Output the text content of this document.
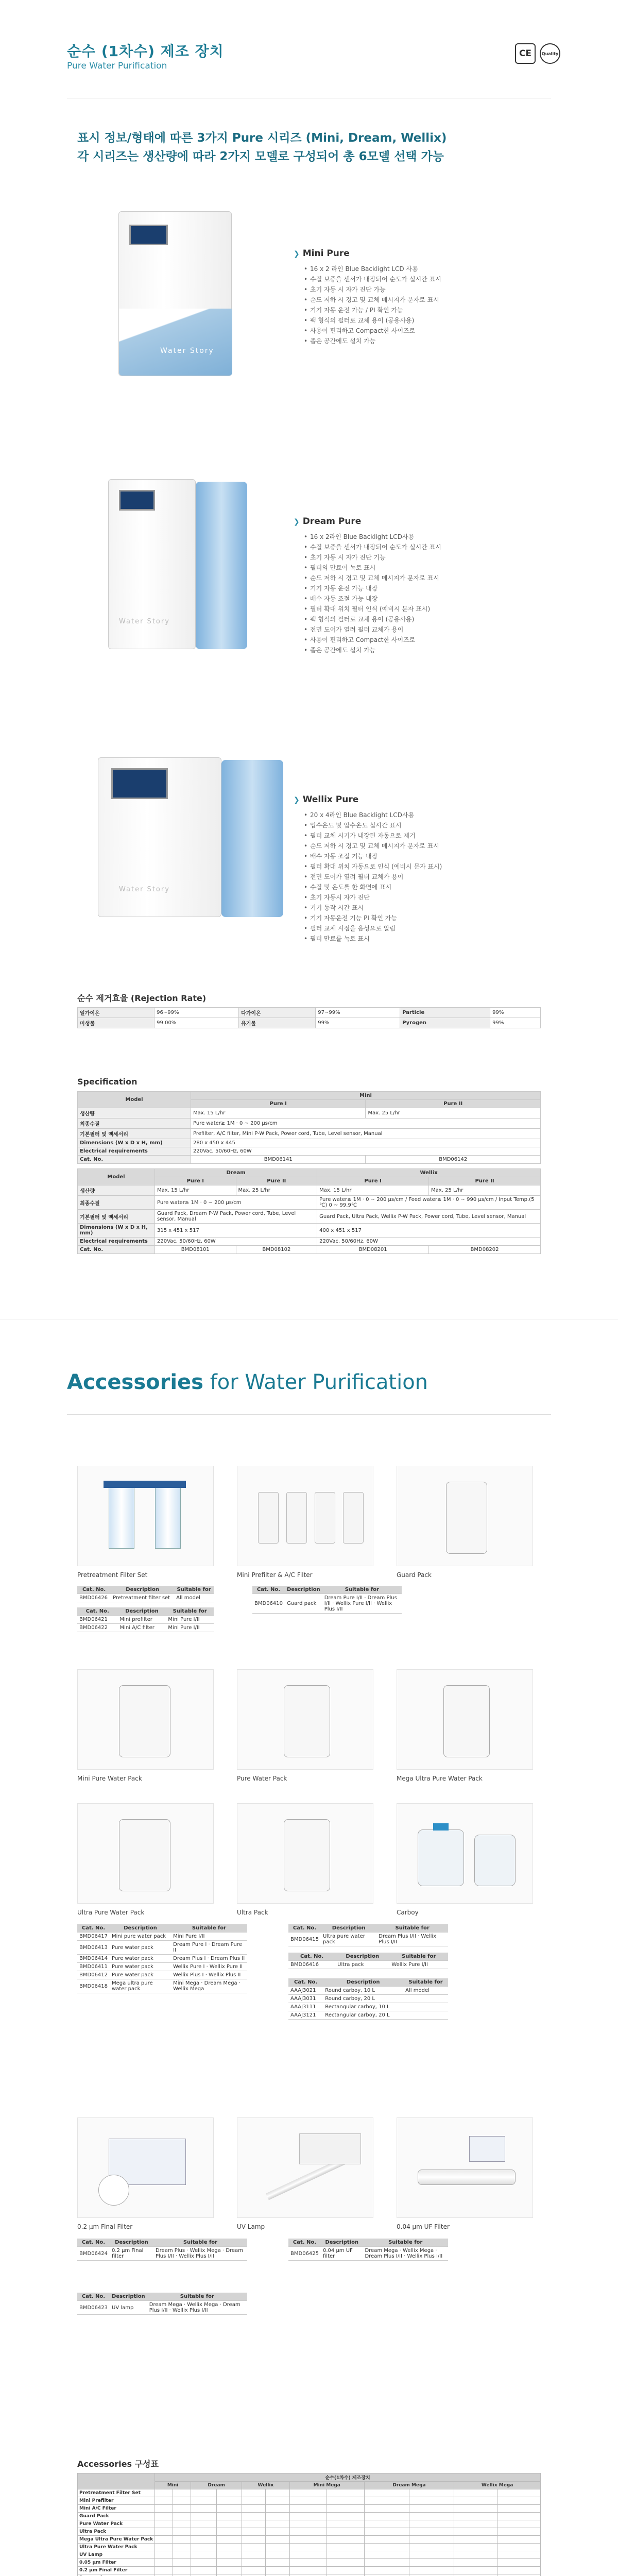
순수 (1차수) 제조 장치
Pure Water Purification
CE	Quality
표시 정보/형태에 따른 3가지 Pure 시리즈 (Mini, Dream, Wellix)
각 시리즈는 생산량에 따라 2가지 모델로 구성되어 총 6모델 선택 가능
Water Story
❯ Mini Pure
• 16 x 2 라인 Blue Backlight LCD 사용
• 수질 보증을 센서가 내장되어 순도가 실시간 표시
• 초기 자동 시 자가 진단 가능
• 순도 저하 시 경고 및 교체 메시지가 문자로 표시
• 기기 자동 운전 가능 / PI 확인 가능
• 팩 형식의 필터로 교체 용이 (공용사용)
• 사용이 편리하고 Compact한 사이즈로
• 좁은 공간에도 설치 가능
Water Story
❯ Dream Pure
• 16 x 2라인 Blue Backlight LCD사용
• 수질 보증을 센서가 내장되어 순도가 실시간 표시
• 초기 자동 시 자가 진단 기능
• 필터의 만료이 녹로 표시
• 순도 저하 시 경고 및 교체 메시지가 문자로 표시
• 기기 자동 운전 가능 내장
• 배수 자동 조절 가능 내장
• 필터 확대 위치 필터 인식 (예비시 문자 표시)
• 팩 형식의 필터로 교체 용이 (공용사용)
• 전면 도어가 열려 필터 교체가 용이
• 사용이 편리하고 Compact한 사이즈로
• 좁은 공간에도 설치 가능
Water Story
❯ Wellix Pure
• 20 x 4라인 Blue Backlight LCD사용
• 입수온도 및 압수온도 실시간 표시
• 필터 교체 시기가 내장된 자동으로 제거
• 순도 저하 시 경고 및 교체 메시지가 문자로 표시
• 배수 자동 조절 기능 내장
• 필터 확대 위치 자동으로 인식 (예비시 문자 표시)
• 전면 도어가 열려 필터 교체가 용이
• 수질 및 온도를 한 화면에 표시
• 초기 자동시 자가 진단
• 기기 동작 시간 표시
• 기기 자동운전 기능 PI 확인 가능
• 필터 교체 시점을 음성으로 알림
• 필터 만료를 녹로 표시
순수 제거효율 (Rejection Rate)
일가이온	96~99%	다가이온	97~99%	Particle	99%
미생물	99.00%	유기물	99%	Pyrogen	99%
Specification
Model	Mini	
	Pure I	Pure II
생산량	Max. 15 L/hr	Max. 25 L/hr
최종수질	Pure water≥ 1M · 0 ~ 200 μs/cm	
기본필터 및 액세서리	Prefilter, A/C filter, Mini P-W Pack, Power cord, Tube, Level sensor, Manual	
Dimensions (W x D x H, mm)	280 x 450 x 445	
Electrical requirements	220Vac, 50/60Hz, 60W	
Cat. No.	BMD06141	BMD06142
Model	Dream		Wellix	
	Pure I	Pure II	Pure I	Pure II
생산량	Max. 15 L/hr	Max. 25 L/hr	Max. 15 L/hr	Max. 25 L/hr
최종수질	Pure water≥ 1M · 0 ~ 200 μs/cm		Pure water≥ 1M · 0 ~ 200 μs/cm / Feed water≥ 1M · 0 ~ 990 μs/cm / Input Temp.(5 ℃) 0 ~ 99.9℃	
기본필터 및 액세서리	Guard Pack, Dream P-W Pack, Power cord, Tube, Level sensor, Manual		Guard Pack, Ultra Pack, Wellix P-W Pack, Power cord, Tube, Level sensor, Manual	
Dimensions (W x D x H, mm)	315 x 451 x 517		400 x 451 x 517	
Electrical requirements	220Vac, 50/60Hz, 60W		220Vac, 50/60Hz, 60W	
Cat. No.	BMD08101	BMD08102	BMD08201	BMD08202
Accessories for Water Purification
Pretreatment Filter Set	Mini Prefilter & A/C Filter	Guard Pack
Cat. No.	Description	Suitable for
BMD06426	Pretreatment filter set	All model
Cat. No.	Description	Suitable for
BMD06421	Mini prefilter	Mini Pure I/II
BMD06422	Mini A/C filter	Mini Pure I/II
Cat. No.	Description	Suitable for
BMD06410	Guard pack	Dream Pure I/II · Dream Plus I/II · Wellix Pure I/II · Wellix Plus I/II
Mini Pure Water Pack	Pure Water Pack	Mega Ultra Pure Water Pack
Ultra Pure Water Pack	Ultra Pack	Carboy
Cat. No.	Description	Suitable for
BMD06417	Mini pure water pack	Mini Pure I/II
BMD06413	Pure water pack	Dream Pure I · Dream Pure II
BMD06414	Pure water pack	Dream Plus I · Dream Plus II
BMD06411	Pure water pack	Wellix Pure I · Wellix Pure II
BMD06412	Pure water pack	Wellix Plus I · Wellix Plus II
BMD06418	Mega ultra pure water pack	Mini Mega · Dream Mega · Wellix Mega
Cat. No.	Description	Suitable for
BMD06415	Ultra pure water pack	Dream Plus I/II · Wellix Plus I/II
Cat. No.	Description	Suitable for
BMD06416	Ultra pack	Wellix Pure I/II
Cat. No.	Description	Suitable for
AAAJ3021	Round carboy, 10 L	All model
AAAJ3031	Round carboy, 20 L	
AAAJ3111	Rectangular carboy, 10 L	
AAAJ3121	Rectangular carboy, 20 L	
0.2 μm Final Filter	UV Lamp	0.04 μm UF Filter
Cat. No.	Description	Suitable for
BMD06424	0.2 μm Final filter	Dream Plus · Wellix Mega · Dream Plus I/II · Wellix Plus I/II
Cat. No.	Description	Suitable for
BMD06425	0.04 μm UF filter	Dream Mega · Wellix Mega · Dream Plus I/II · Wellix Plus I/II
Cat. No.	Description	Suitable for
BMD06423	UV lamp	Dream Mega · Wellix Mega · Dream Plus I/II · Wellix Plus I/II
Accessories 구성표
	순수(1차수) 제조장치											
	Mini		Dream		Wellix		Mini Mega		Dream Mega		Wellix Mega	
Pretreatment Filter Set												
Mini Prefilter												
Mini A/C Filter												
Guard Pack												
Pure Water Pack												
Ultra Pack												
Mega Ultra Pure Water Pack												
Ultra Pure Water Pack												
UV Lamp												
0.05 μm Filter												
0.2 μm Final Filter												
